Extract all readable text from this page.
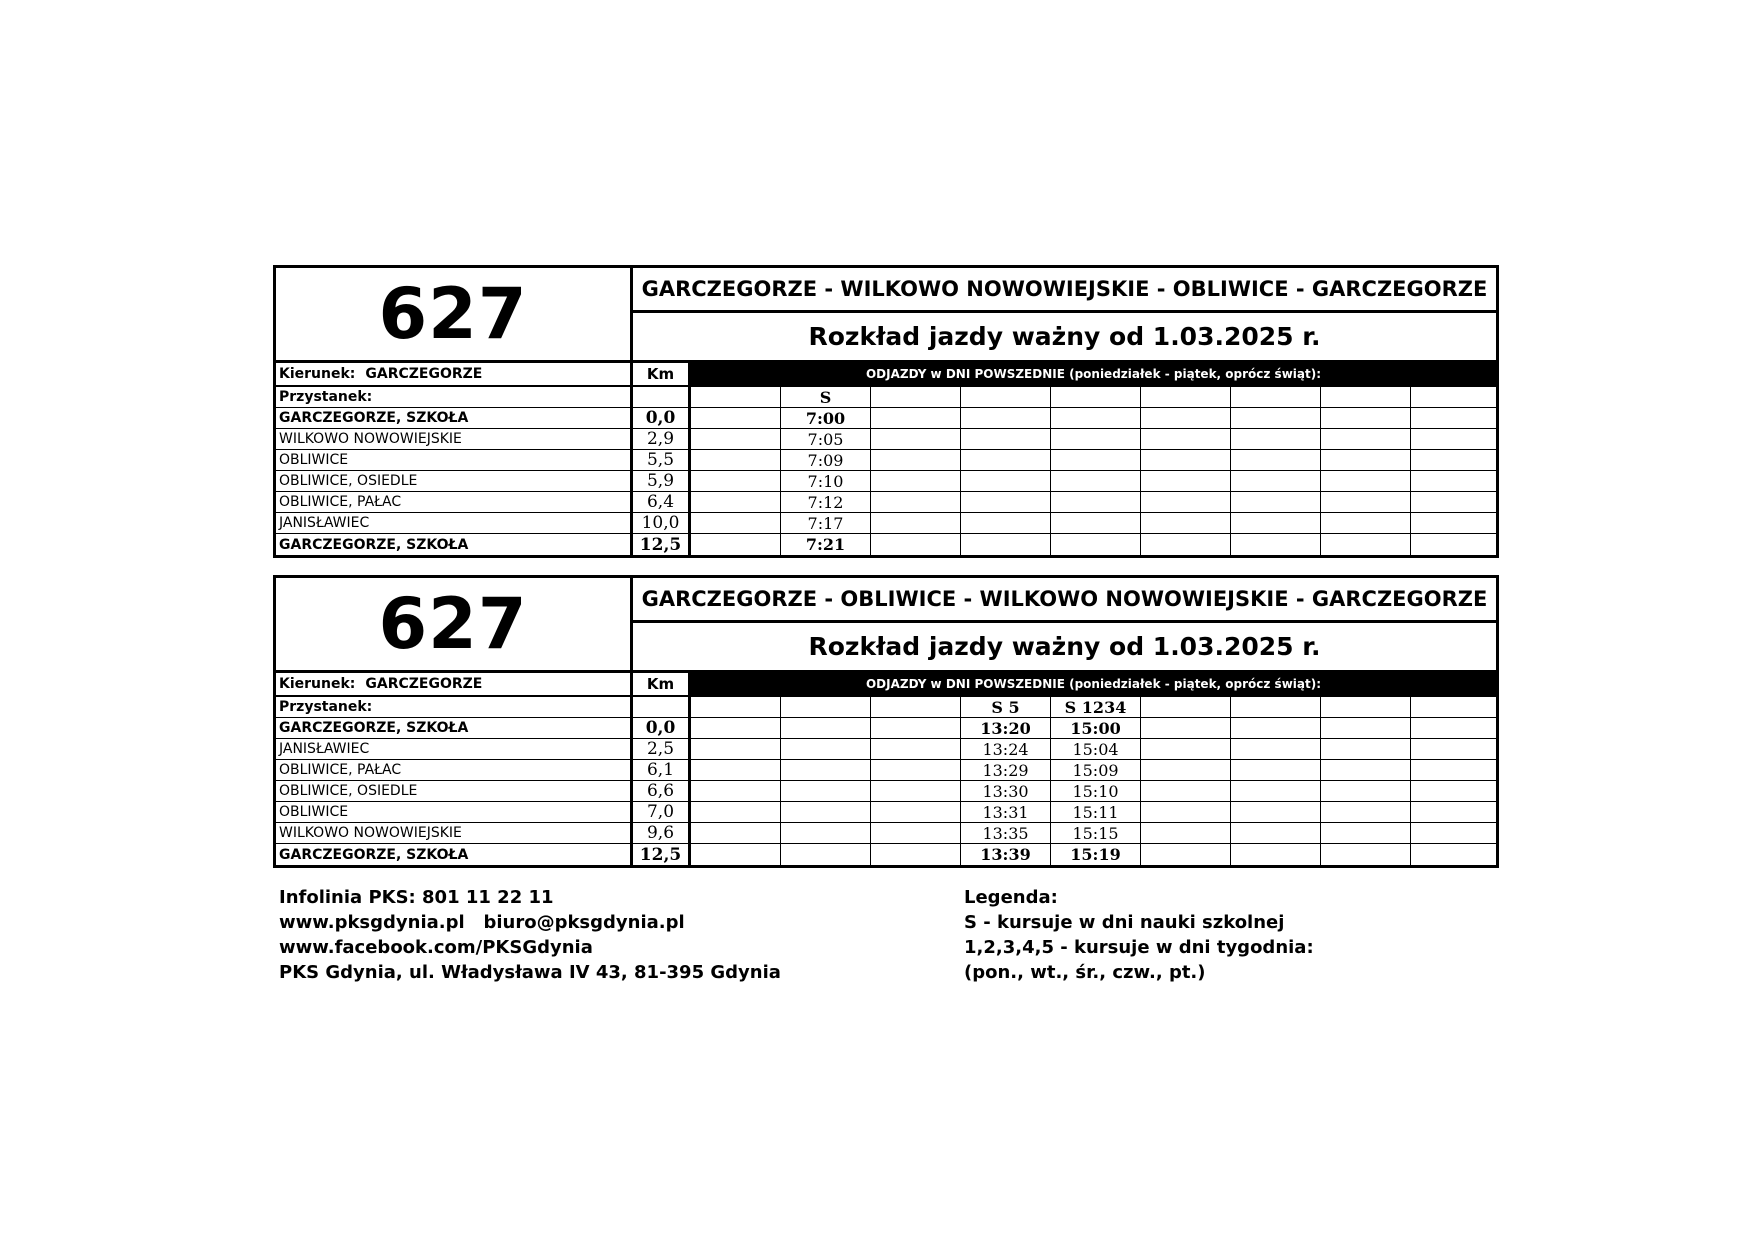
627	GARCZEGORZE - WILKOWO NOWOWIEJSKIE - OBLIWICE - GARCZEGORZE
Rozkład jazdy ważny od 1.03.2025 r.
Kierunek: GARCZEGORZE	Km	ODJAZDY w DNI POWSZEDNIE (poniedziałek - piątek, oprócz świąt):
Przystanek:	S
GARCZEGORZE, SZKOŁA	0,0	7:00
WILKOWO NOWOWIEJSKIE	2,9	7:05
OBLIWICE	5,5	7:09
OBLIWICE, OSIEDLE	5,9	7:10
OBLIWICE, PAŁAC	6,4	7:12
JANISŁAWIEC	10,0	7:17
GARCZEGORZE, SZKOŁA	12,5	7:21
627	GARCZEGORZE - OBLIWICE - WILKOWO NOWOWIEJSKIE - GARCZEGORZE
Rozkład jazdy ważny od 1.03.2025 r.
Kierunek: GARCZEGORZE	Km	ODJAZDY w DNI POWSZEDNIE (poniedziałek - piątek, oprócz świąt):
Przystanek:	S 5	S 1234
GARCZEGORZE, SZKOŁA	0,0	13:20	15:00
JANISŁAWIEC	2,5	13:24	15:04
OBLIWICE, PAŁAC	6,1	13:29	15:09
OBLIWICE, OSIEDLE	6,6	13:30	15:10
OBLIWICE	7,0	13:31	15:11
WILKOWO NOWOWIEJSKIE	9,6	13:35	15:15
GARCZEGORZE, SZKOŁA	12,5	13:39	15:19
Infolinia PKS: 801 11 22 11
www.pksgdynia.pl   biuro@pksgdynia.pl
www.facebook.com/PKSGdynia
PKS Gdynia, ul. Władysława IV 43, 81-395 Gdynia
Legenda:
S - kursuje w dni nauki szkolnej
1,2,3,4,5 - kursuje w dni tygodnia:
(pon., wt., śr., czw., pt.)
